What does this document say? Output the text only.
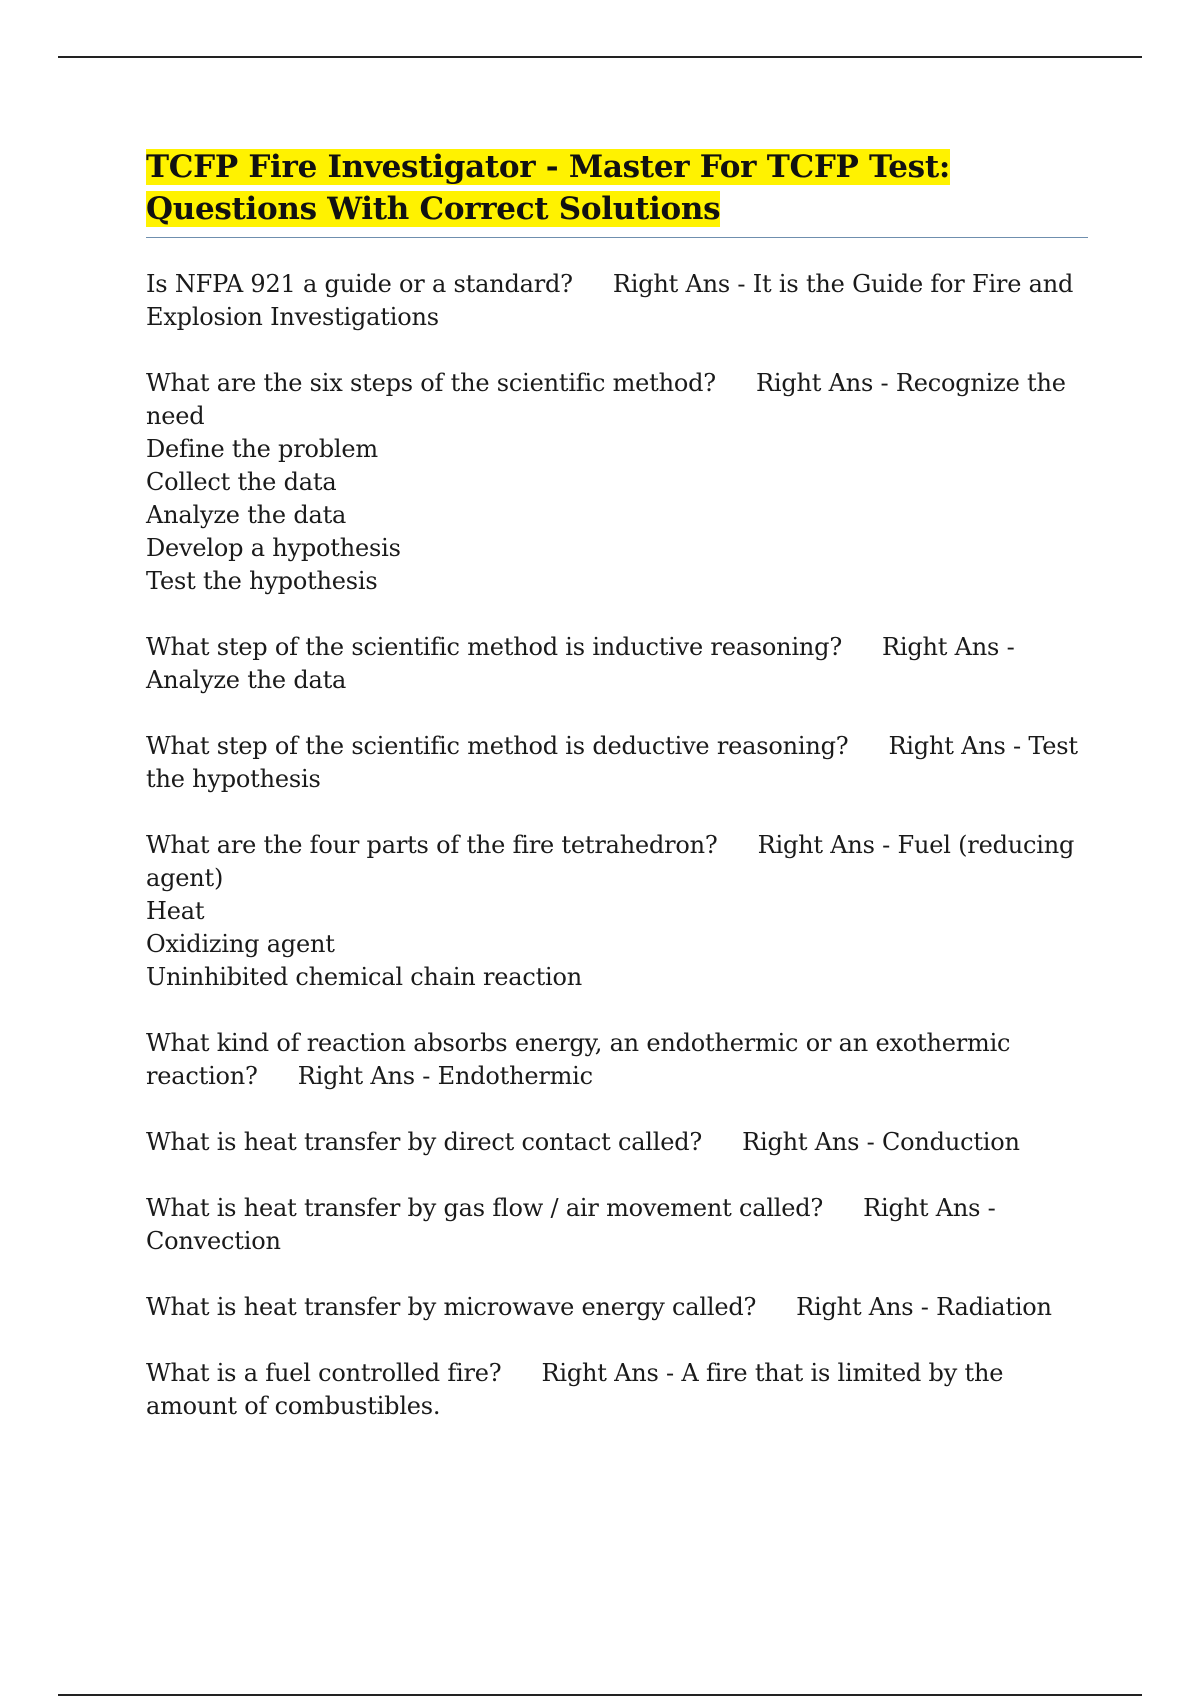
TCFP Fire Investigator - Master For TCFP Test:
Questions With Correct Solutions
Is NFPA 921 a guide or a standard? Right Ans - It is the Guide for Fire and Explosion Investigations
What are the six steps of the scientific method? Right Ans - Recognize the need
Define the problem
Collect the data
Analyze the data
Develop a hypothesis
Test the hypothesis
What step of the scientific method is inductive reasoning? Right Ans - Analyze the data
What step of the scientific method is deductive reasoning? Right Ans - Test the hypothesis
What are the four parts of the fire tetrahedron? Right Ans - Fuel (reducing agent)
Heat
Oxidizing agent
Uninhibited chemical chain reaction
What kind of reaction absorbs energy, an endothermic or an exothermic reaction? Right Ans - Endothermic
What is heat transfer by direct contact called? Right Ans - Conduction
What is heat transfer by gas flow / air movement called? Right Ans - Convection
What is heat transfer by microwave energy called? Right Ans - Radiation
What is a fuel controlled fire? Right Ans - A fire that is limited by the amount of combustibles.
